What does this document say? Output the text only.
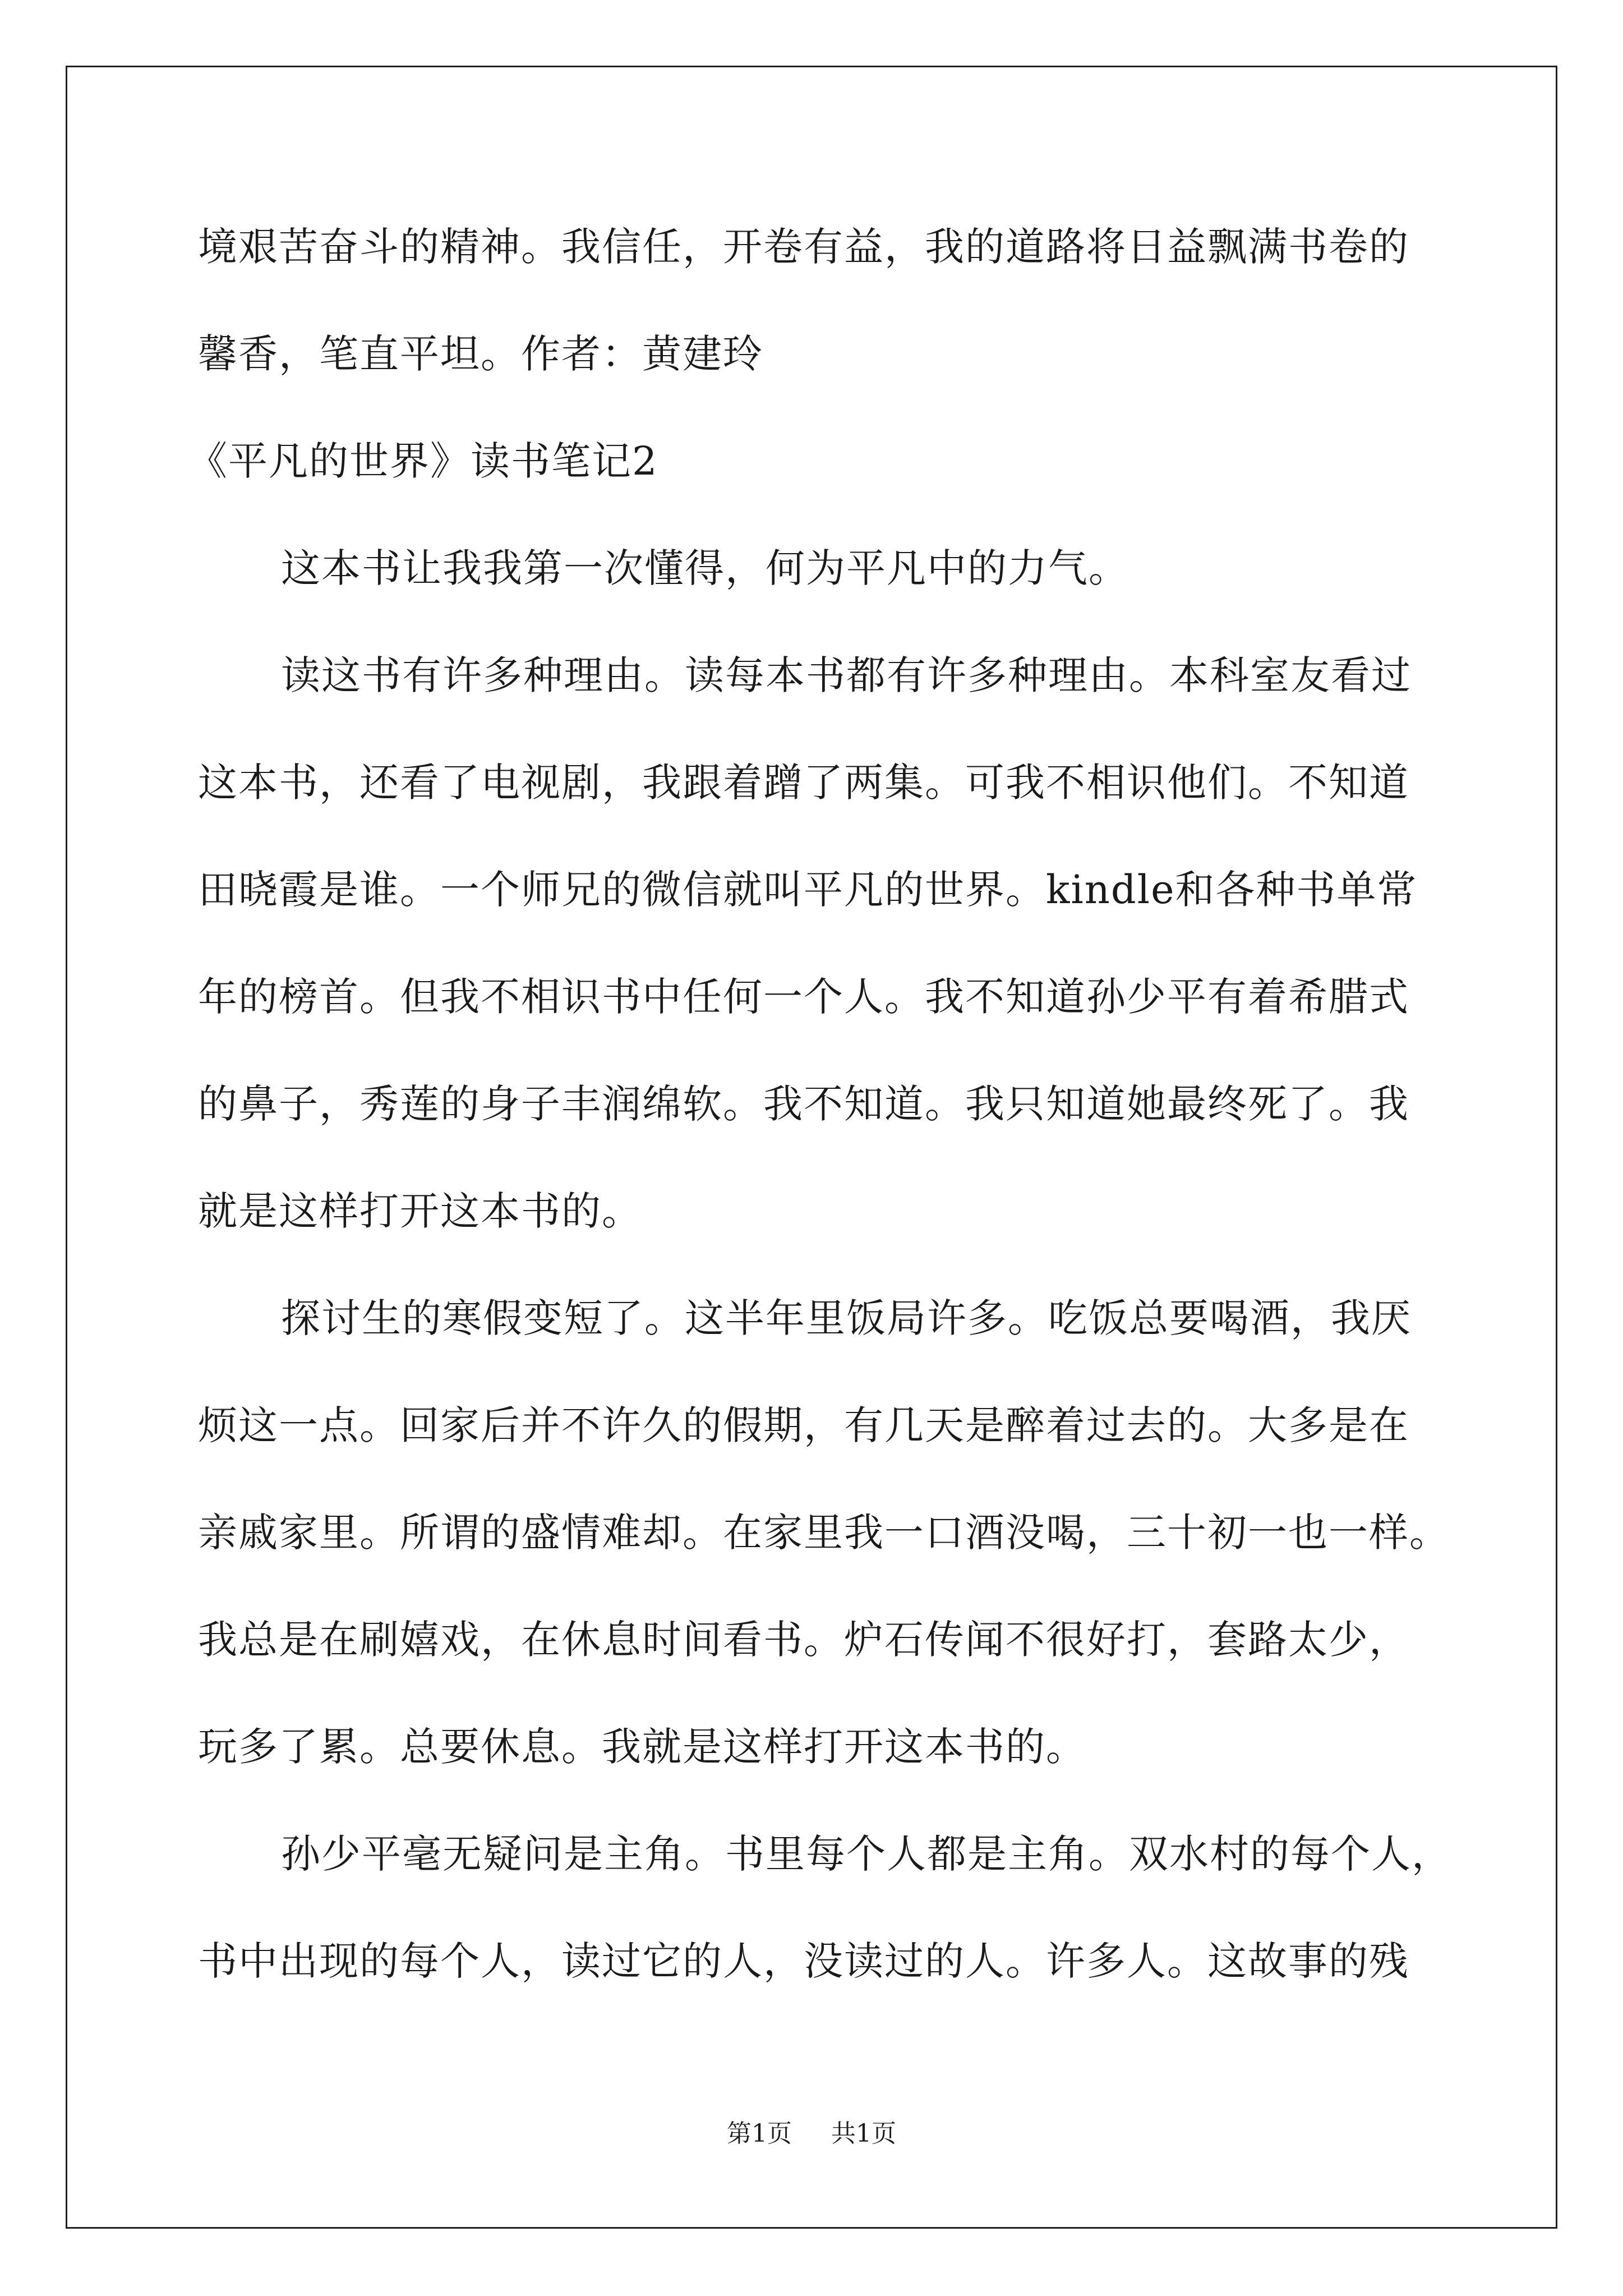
境艰苦奋斗的精神。我信任，开卷有益，我的道路将日益飘满书卷的
馨香，笔直平坦。作者：黄建玲
《平凡的世界》读书笔记2
这本书让我我第一次懂得，何为平凡中的力气。
读这书有许多种理由。读每本书都有许多种理由。本科室友看过
这本书，还看了电视剧，我跟着蹭了两集。可我不相识他们。不知道
田晓霞是谁。一个师兄的微信就叫平凡的世界。kindle和各种书单常
年的榜首。但我不相识书中任何一个人。我不知道孙少平有着希腊式
的鼻子，秀莲的身子丰润绵软。我不知道。我只知道她最终死了。我
就是这样打开这本书的。
探讨生的寒假变短了。这半年里饭局许多。吃饭总要喝酒，我厌
烦这一点。回家后并不许久的假期，有几天是醉着过去的。大多是在
亲戚家里。所谓的盛情难却。在家里我一口酒没喝，三十初一也一样。
我总是在刷嬉戏，在休息时间看书。炉石传闻不很好打，套路太少，
玩多了累。总要休息。我就是这样打开这本书的。
孙少平毫无疑问是主角。书里每个人都是主角。双水村的每个人，
书中出现的每个人，读过它的人，没读过的人。许多人。这故事的残
第1页 共1页
